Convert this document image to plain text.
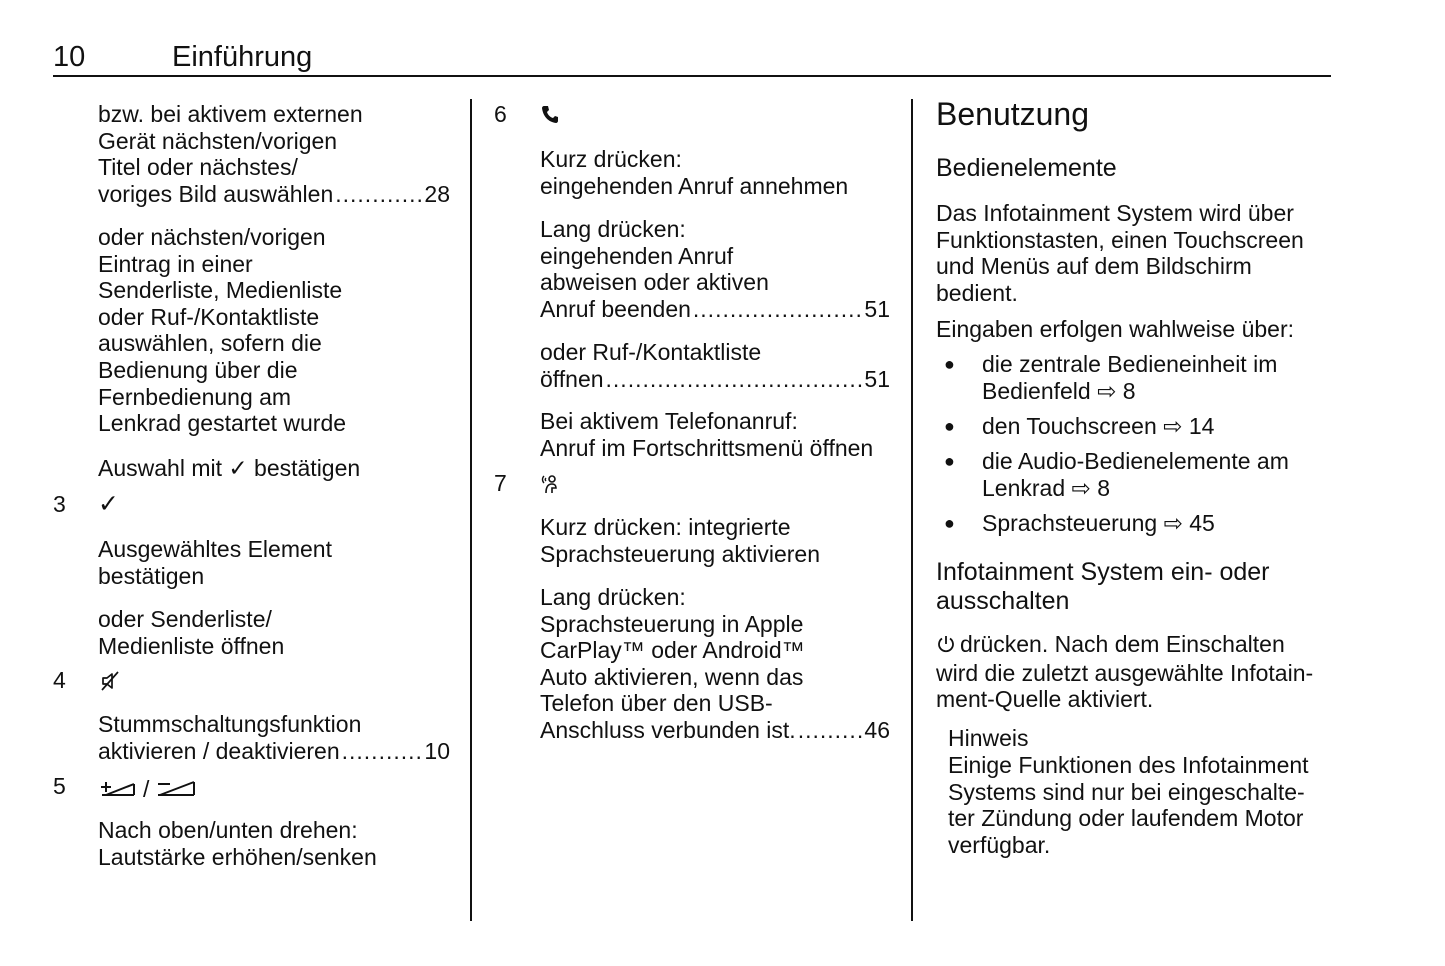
10	Einführung

bzw. bei aktivem externen

Gerät nächsten/vorigen

Titel oder nächstes/

voriges Bild auswählen .....	28

oder nächsten/vorigen

Eintrag in einer

Senderliste, Medienliste

oder Ruf-/Kontaktliste

auswählen, sofern die

Bedienung über die

Fernbedienung am

Lenkrad gestartet wurde

Auswahl mit ✓ bestätigen

3 ✓

Ausgewähltes Element

bestätigen

oder Senderliste/

Medienliste öffnen

4

Stummschaltungsfunktion

aktivieren / deaktivieren .....	10
5	/

Nach oben/unten drehen:

Lautstärke erhöhen/senken

6

Kurz drücken:

eingehenden Anruf annehmen

Lang drücken:

eingehenden Anruf

abweisen oder aktiven

Anruf beenden .....	51

oder Ruf-/Kontaktliste

öffnen .....	51

Bei aktivem Telefonanruf:

Anruf im Fortschrittsmenü öffnen

7

Kurz drücken: integrierte

Sprachsteuerung aktivieren

Lang drücken:

Sprachsteuerung in Apple

CarPlay™ oder Android™

Auto aktivieren, wenn das

Telefon über den USB-

Anschluss verbunden ist. .....	46
Benutzung
Bedienelemente

Das Infotainment System wird über

Funktionstasten, einen Touchscreen

und Menüs auf dem Bildschirm

bedient.

Eingaben erfolgen wahlweise über:

● die zentrale Bedieneinheit im

Bedienfeld ⇨ 8

● den Touchscreen ⇨ 14

● die Audio-Bedienelemente am

Lenkrad ⇨ 8

● Sprachsteuerung ⇨ 45

Infotainment System ein- oder

ausschalten

drücken. Nach dem Einschalten

wird die zuletzt ausgewählte Infotain-

ment-Quelle aktiviert.

Hinweis

Einige Funktionen des Infotainment

Systems sind nur bei eingeschalte-

ter Zündung oder laufendem Motor

verfügbar.
